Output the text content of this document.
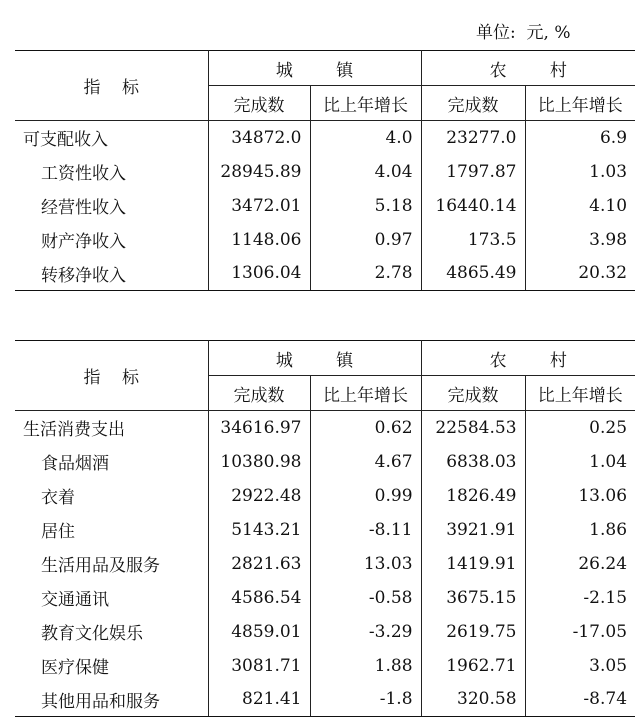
单位:  元, %
指    标	城        镇		农        村	
	完成数	比上年增长	完成数	比上年增长
可支配收入	34872.0	4.0	23277.0	6.9
工资性收入	28945.89	4.04	1797.87	1.03
经营性收入	3472.01	5.18	16440.14	4.10
财产净收入	1148.06	0.97	173.5	3.98
转移净收入	1306.04	2.78	4865.49	20.32
指    标	城        镇		农        村	
	完成数	比上年增长	完成数	比上年增长
生活消费支出	34616.97	0.62	22584.53	0.25
食品烟酒	10380.98	4.67	6838.03	1.04
衣着	2922.48	0.99	1826.49	13.06
居住	5143.21	-8.11	3921.91	1.86
生活用品及服务	2821.63	13.03	1419.91	26.24
交通通讯	4586.54	-0.58	3675.15	-2.15
教育文化娱乐	4859.01	-3.29	2619.75	-17.05
医疗保健	3081.71	1.88	1962.71	3.05
其他用品和服务	821.41	-1.8	320.58	-8.74
